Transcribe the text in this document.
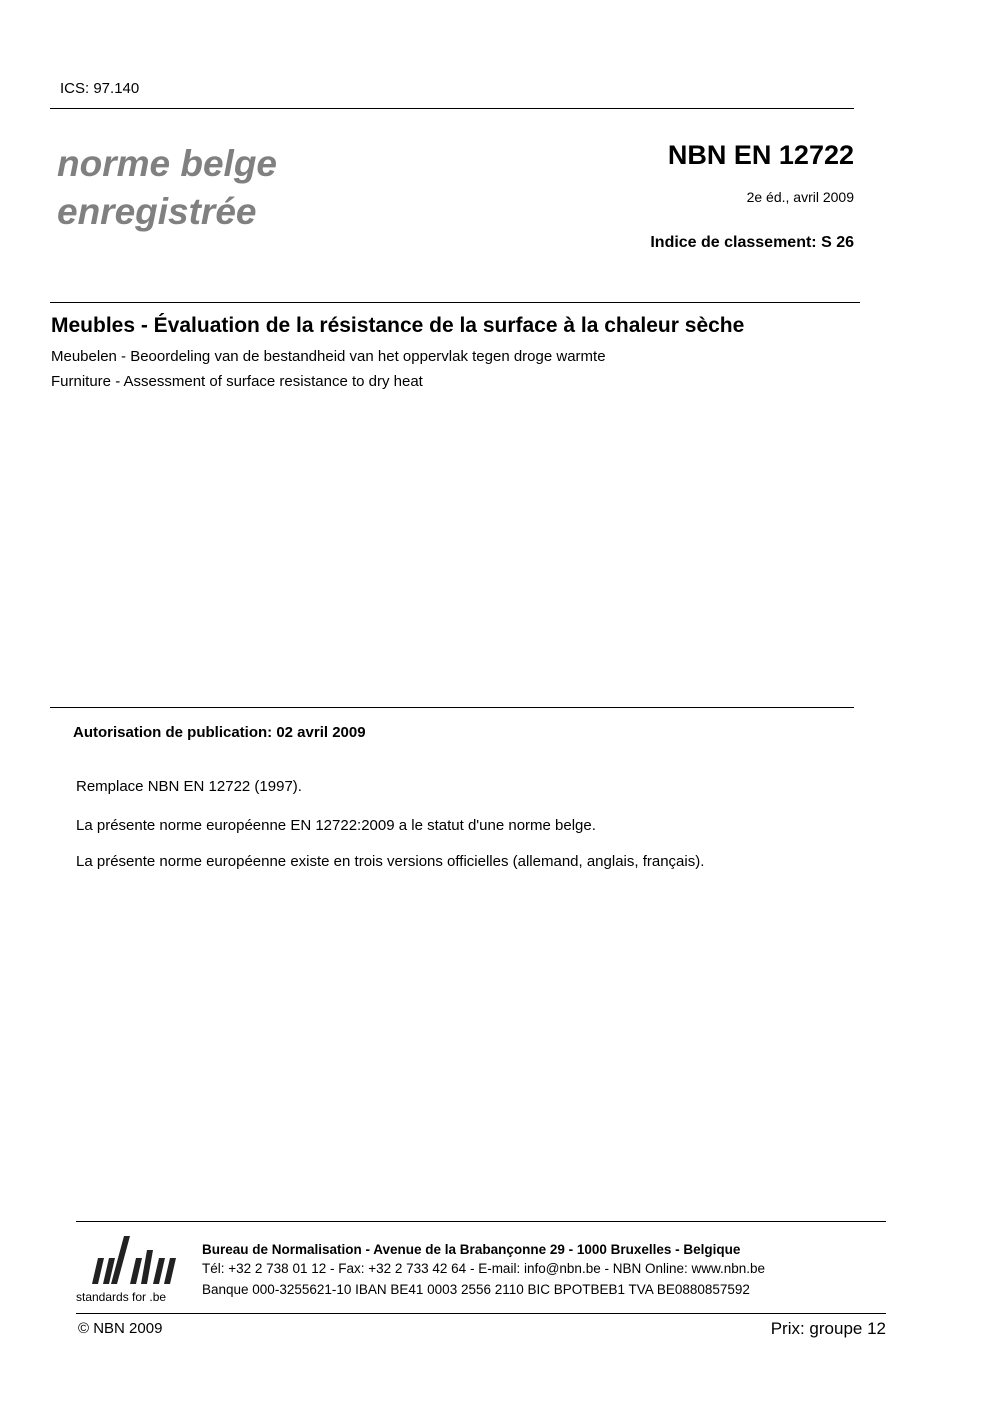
ICS: 97.140
norme belge
enregistrée
NBN EN 12722
2e éd., avril 2009
Indice de classement: S 26
Meubles - Évaluation de la résistance de la surface à la chaleur sèche
Meubelen - Beoordeling van de bestandheid van het oppervlak tegen droge warmte
Furniture - Assessment of surface resistance to dry heat
Autorisation de publication: 02 avril 2009
Remplace NBN EN 12722 (1997).
La présente norme européenne EN 12722:2009 a le statut d'une norme belge.
La présente norme européenne existe en trois versions officielles (allemand, anglais, français).
standards for .be
Bureau de Normalisation - Avenue de la Brabançonne 29 - 1000 Bruxelles - Belgique
Tél: +32 2 738 01 12 - Fax: +32 2 733 42 64 - E-mail: info@nbn.be - NBN Online: www.nbn.be
Banque 000-3255621-10 IBAN BE41 0003 2556 2110 BIC BPOTBEB1 TVA BE0880857592
© NBN 2009	Prix: groupe 12
